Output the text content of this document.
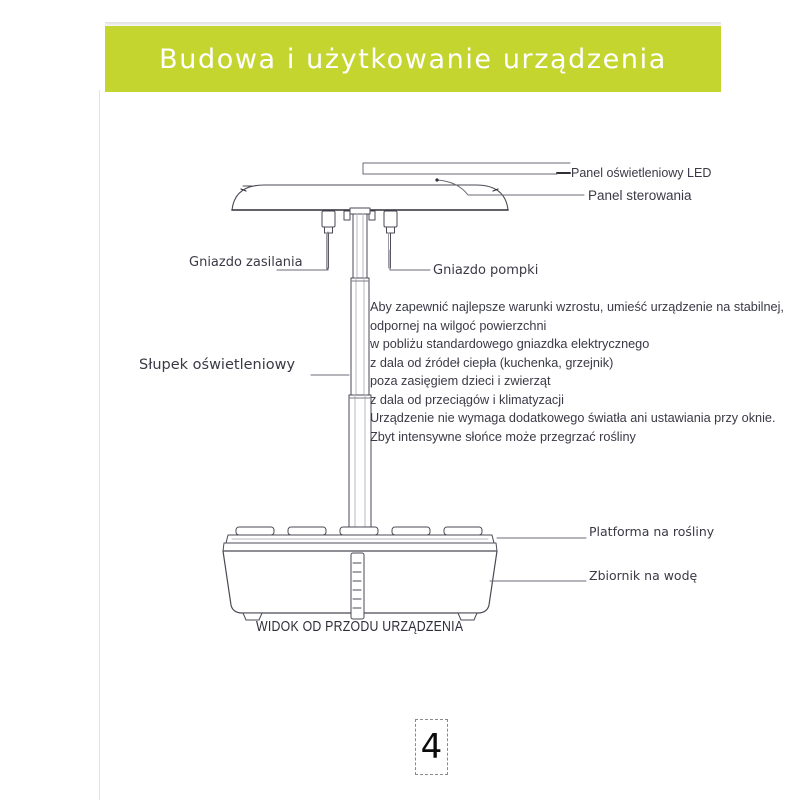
Budowa i użytkowanie urządzenia
Panel oświetleniowy LED
Panel sterowania
Gniazdo zasilania
Gniazdo pompki
Słupek oświetleniowy
Platforma na rośliny
Zbiornik na wodę
WIDOK OD PRZODU URZĄDZENIA
Aby zapewnić najlepsze warunki wzrostu, umieść urządzenie na stabilnej,
odpornej na wilgoć powierzchni
w pobliżu standardowego gniazdka elektrycznego
z dala od źródeł ciepła (kuchenka, grzejnik)
poza zasięgiem dzieci i zwierząt
z dala od przeciągów i klimatyzacji
Urządzenie nie wymaga dodatkowego światła ani ustawiania przy oknie.
Zbyt intensywne słońce może przegrzać rośliny
4
